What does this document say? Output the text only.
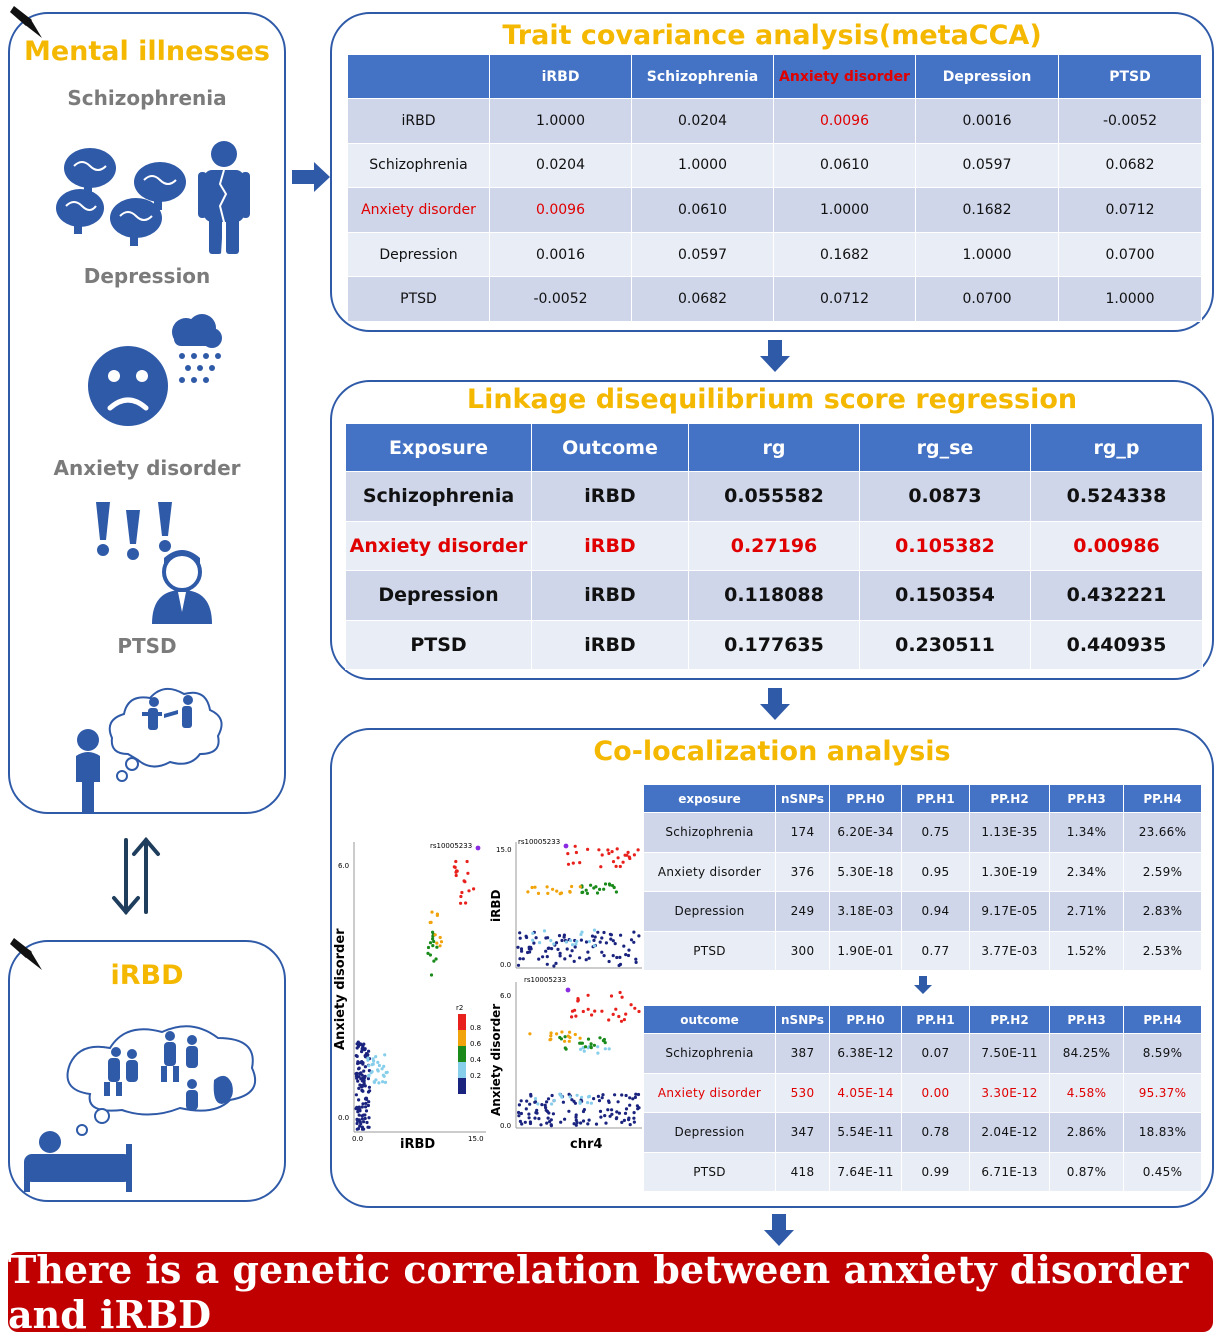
Mental illnesses
Schizophrenia
Depression
Anxiety disorder
PTSD
iRBD
Trait covariance analysis(metaCCA)
	iRBD	Schizophrenia	Anxiety disorder	Depression	PTSD
iRBD	1.0000	0.0204	0.0096	0.0016	-0.0052
Schizophrenia	0.0204	1.0000	0.0610	0.0597	0.0682
Anxiety disorder	0.0096	0.0610	1.0000	0.1682	0.0712
Depression	0.0016	0.0597	0.1682	1.0000	0.0700
PTSD	-0.0052	0.0682	0.0712	0.0700	1.0000
Linkage disequilibrium score regression
Exposure	Outcome	rg	rg_se	rg_p
Schizophrenia	iRBD	0.055582	0.0873	0.524338
Anxiety disorder	iRBD	0.27196	0.105382	0.00986
Depression	iRBD	0.118088	0.150354	0.432221
PTSD	iRBD	0.177635	0.230511	0.440935
Co-localization analysis
exposure	nSNPs	PP.H0	PP.H1	PP.H2	PP.H3	PP.H4
Schizophrenia	174	6.20E-34	0.75	1.13E-35	1.34%	23.66%
Anxiety disorder	376	5.30E-18	0.95	1.30E-19	2.34%	2.59%
Depression	249	3.18E-03	0.94	9.17E-05	2.71%	2.83%
PTSD	300	1.90E-01	0.77	3.77E-03	1.52%	2.53%
outcome	nSNPs	PP.H0	PP.H1	PP.H2	PP.H3	PP.H4
Schizophrenia	387	6.38E-12	0.07	7.50E-11	84.25%	8.59%
Anxiety disorder	530	4.05E-14	0.00	3.30E-12	4.58%	95.37%
Depression	347	5.54E-11	0.78	2.04E-12	2.86%	18.83%
PTSD	418	7.64E-11	0.99	6.71E-13	0.87%	0.45%
6.0
0.0
0.0	15.0
iRBD
Anxiety disorder
rs10005233
r2
0.8
0.6
0.4
0.2
rs10005233
15.0
0.0
iRBD
rs10005233
6.0
0.0
Anxiety disorder
chr4
There is a genetic correlation between anxiety disorder and iRBD
